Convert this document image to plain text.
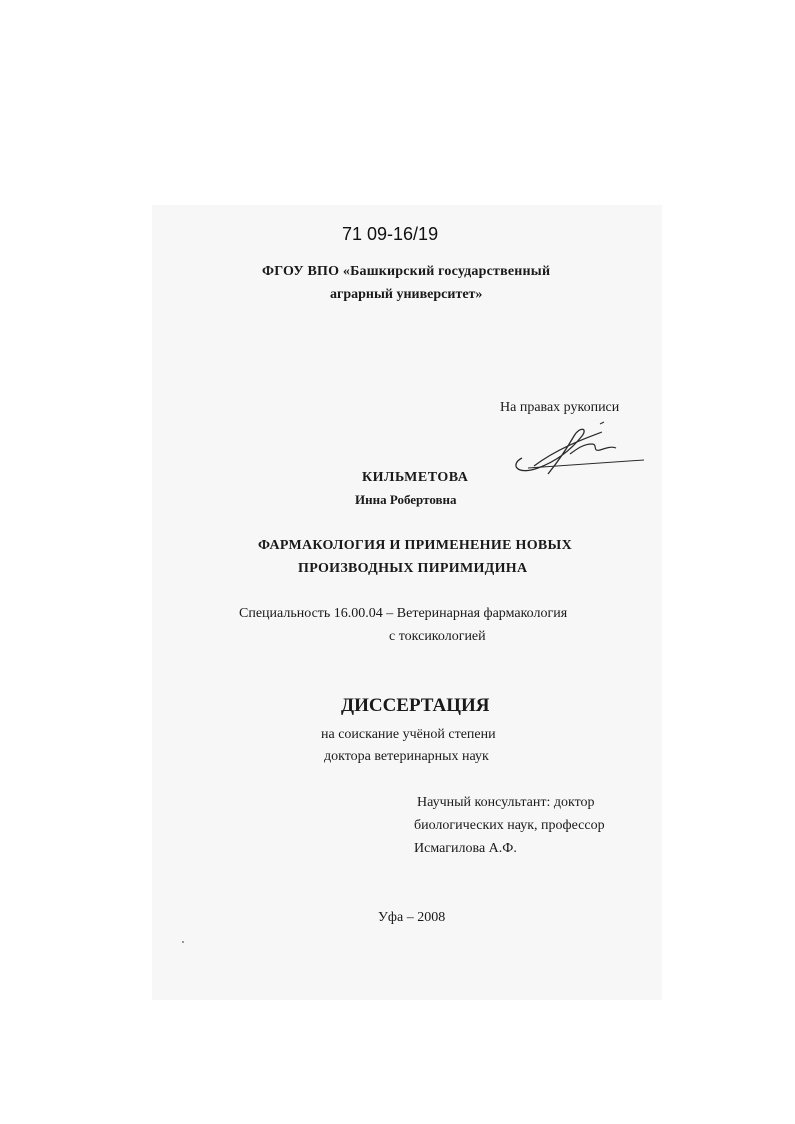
71 09-16/19
ФГОУ ВПО «Башкирский государственный
аграрный университет»
На правах рукописи
КИЛЬМЕТОВА
Инна Робертовна
ФАРМАКОЛОГИЯ И ПРИМЕНЕНИЕ НОВЫХ
ПРОИЗВОДНЫХ ПИРИМИДИНА
Специальность 16.00.04 – Ветеринарная фармакология
с токсикологией
ДИССЕРТАЦИЯ
на соискание учёной степени
доктора ветеринарных наук
Научный консультант: доктор
биологических наук, профессор
Исмагилова А.Ф.
Уфа – 2008
